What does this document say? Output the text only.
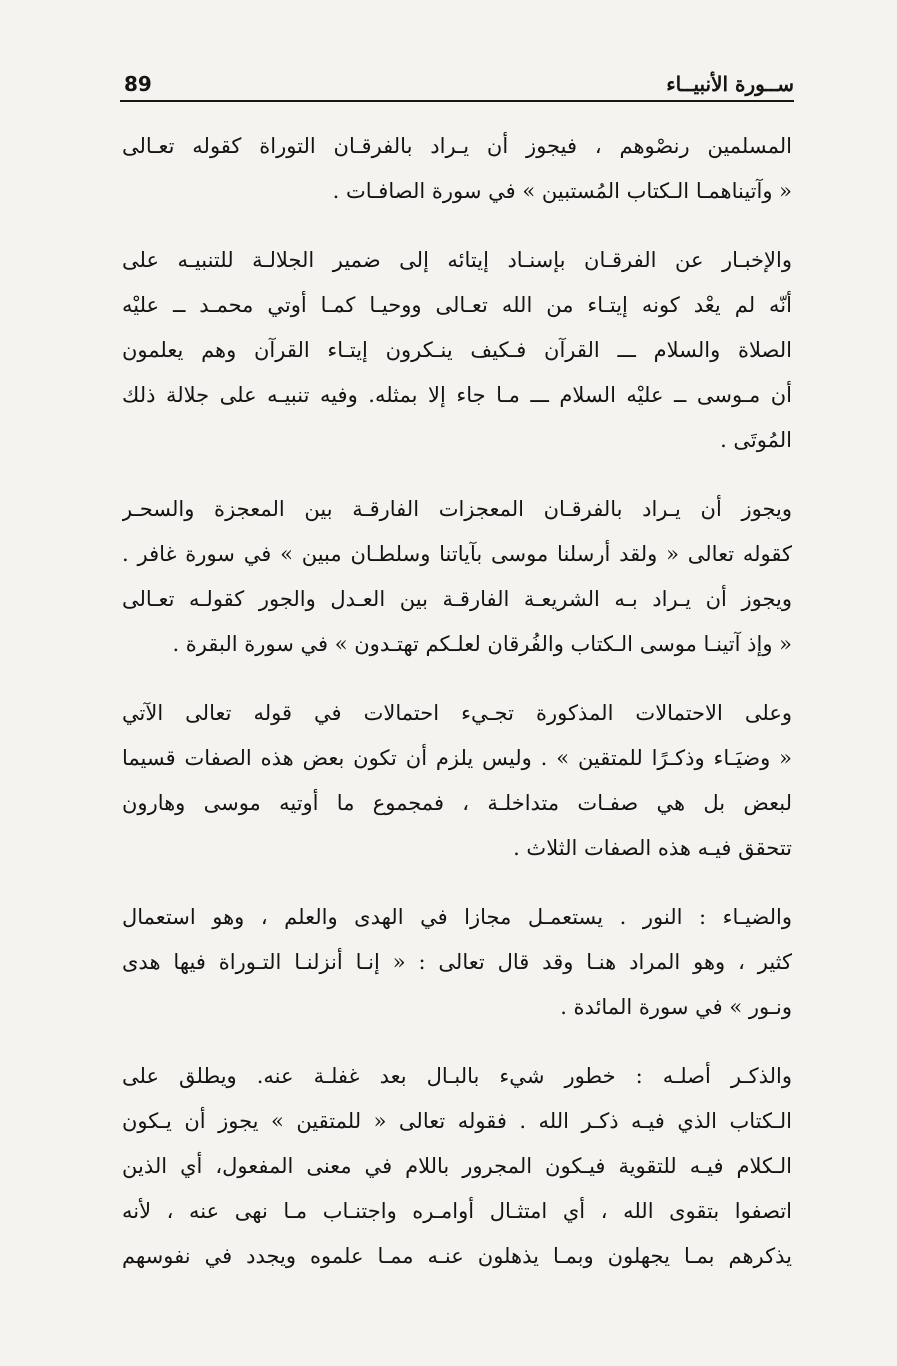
ســورة الأنبيــاء
89
المسلمين رنصْوهم ، فيجوز أن يـراد بالفرقـان التوراة كقوله تعـالى
« وآتيناهمـا الـكتاب المُستبين » في سورة الصافـات .
والإخبـار عن الفرقـان بإسنـاد إيتائه إلى ضمير الجلالـة للتنبيـه على
أنّه لم يعْد كونه إيتـاء من الله تعـالى ووحيـا كمـا أوتي محمـد ــ عليْه
الصلاة والسلام ـــ القرآن فـكيف ينـكرون إيتـاء القرآن وهم يعلمون
أن مـوسى ــ عليْه السلام ـــ مـا جاء إلا بمثله. وفيه تنبيـه على جلالة ذلك
المُوتَى .
ويجوز أن يـراد بالفرقـان المعجزات الفارقـة بين المعجزة والسحـر
كقوله تعالى « ولقد أرسلنا موسى بآياتنا وسلطـان مبين » في سورة غافر .
ويجوز أن يـراد بـه الشريعـة الفارقـة بين العـدل والجور كقولـه تعـالى
« وإذ آتينـا موسى الـكتاب والفُرقان لعلـكم تهتـدون » في سورة البقرة .
وعلى الاحتمالات المذكورة تجـيء احتمالات في قوله تعالى الآتي
« وضيَـاء وذكـرًا للمتقين » . وليس يلزم أن تكون بعض هذه الصفات قسيما
لبعض بل هي صفـات متداخلـة ، فمجموع ما أوتيه موسى وهارون
تتحقق فيـه هذه الصفات الثلاث .
والضيـاء : النور . يستعمـل مجازا في الهدى والعلم ، وهو استعمال
كثير ، وهو المراد هنـا وقد قال تعالى : « إنـا أنزلنـا التـوراة فيها هدى
ونـور » في سورة المائدة .
والذكـر أصلـه : خطور شيء بالبـال بعد غفلـة عنه. ويطلق على
الـكتاب الذي فيـه ذكـر الله . فقوله تعالى « للمتقين » يجوز أن يـكون
الـكلام فيـه للتقوية فيـكون المجرور باللام في معنى المفعول، أي الذين
اتصفوا بتقوى الله ، أي امتثـال أوامـره واجتنـاب مـا نهى عنه ، لأنه
يذكرهم بمـا يجهلون وبمـا يذهلون عنـه ممـا علموه ويجدد في نفوسهم
